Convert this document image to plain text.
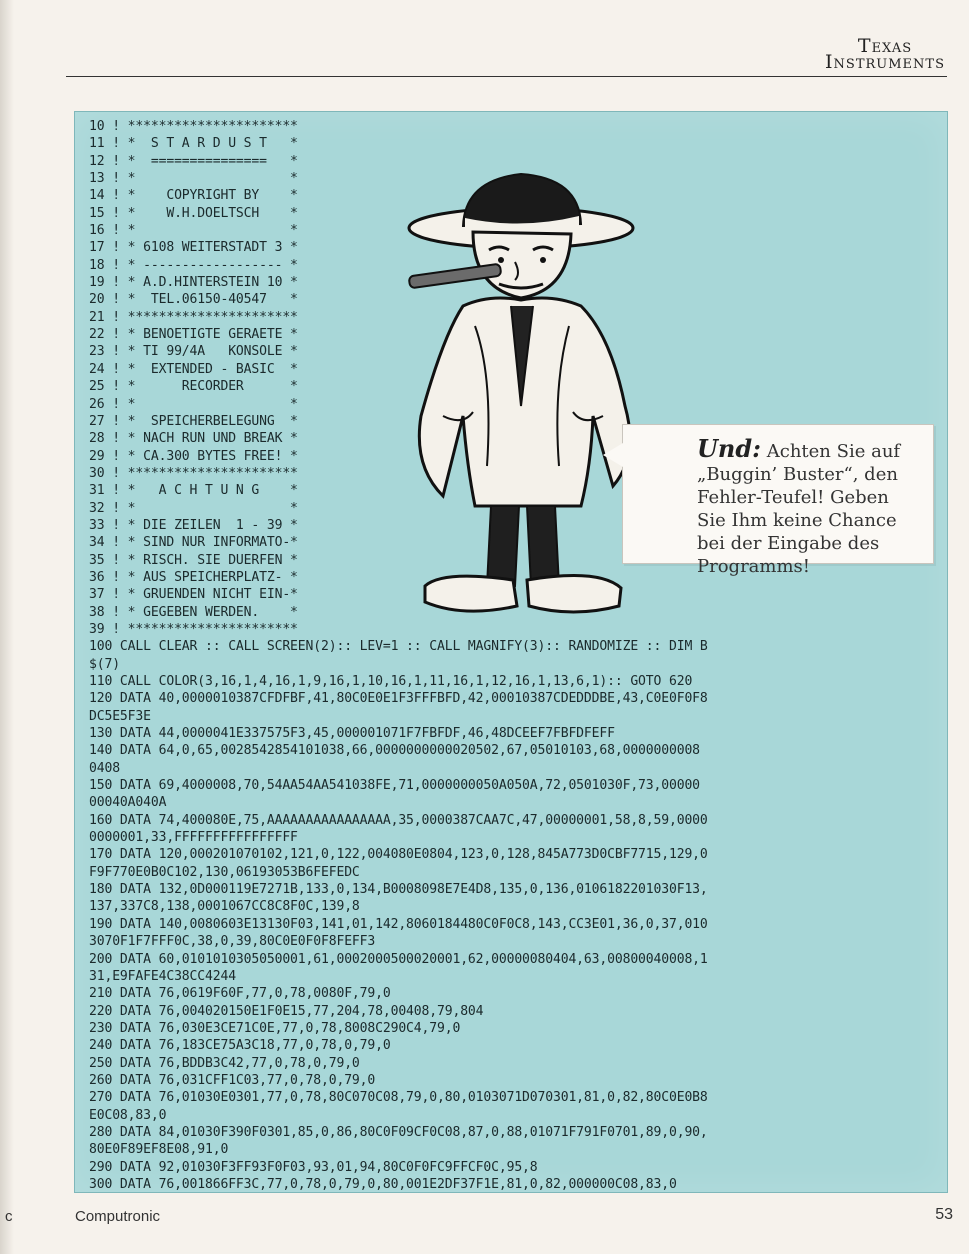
Texas
Instruments
10 ! **********************
11 ! *  S T A R D U S T   *
12 ! *  ===============   *
13 ! *                    *
14 ! *    COPYRIGHT BY    *
15 ! *    W.H.DOELTSCH    *
16 ! *                    *
17 ! * 6108 WEITERSTADT 3 *
18 ! * ------------------ *
19 ! * A.D.HINTERSTEIN 10 *
20 ! *  TEL.06150-40547   *
21 ! **********************
22 ! * BENOETIGTE GERAETE *
23 ! * TI 99/4A   KONSOLE *
24 ! *  EXTENDED - BASIC  *
25 ! *      RECORDER      *
26 ! *                    *
27 ! *  SPEICHERBELEGUNG  *
28 ! * NACH RUN UND BREAK *
29 ! * CA.300 BYTES FREE! *
30 ! **********************
31 ! *   A C H T U N G    *
32 ! *                    *
33 ! * DIE ZEILEN  1 - 39 *
34 ! * SIND NUR INFORMATO-*
35 ! * RISCH. SIE DUERFEN *
36 ! * AUS SPEICHERPLATZ- *
37 ! * GRUENDEN NICHT EIN-*
38 ! * GEGEBEN WERDEN.    *
39 ! **********************
100 CALL CLEAR :: CALL SCREEN(2):: LEV=1 :: CALL MAGNIFY(3):: RANDOMIZE :: DIM B
$(7)
110 CALL COLOR(3,16,1,4,16,1,9,16,1,10,16,1,11,16,1,12,16,1,13,6,1):: GOTO 620
120 DATA 40,0000010387CFDFBF,41,80C0E0E1F3FFFBFD,42,00010387CDEDDDBE,43,C0E0F0F8
DC5E5F3E
130 DATA 44,0000041E337575F3,45,000001071F7FBFDF,46,48DCEEF7FBFDFEFF
140 DATA 64,0,65,0028542854101038,66,0000000000020502,67,05010103,68,0000000008
0408
150 DATA 69,4000008,70,54AA54AA541038FE,71,0000000050A050A,72,0501030F,73,00000
00040A040A
160 DATA 74,400080E,75,AAAAAAAAAAAAAAAA,35,0000387CAA7C,47,00000001,58,8,59,0000
0000001,33,FFFFFFFFFFFFFFFF
170 DATA 120,000201070102,121,0,122,004080E0804,123,0,128,845A773D0CBF7715,129,0
F9F770E0B0C102,130,06193053B6FEFEDC
180 DATA 132,0D000119E7271B,133,0,134,B0008098E7E4D8,135,0,136,0106182201030F13,
137,337C8,138,0001067CC8C8F0C,139,8
190 DATA 140,0080603E13130F03,141,01,142,8060184480C0F0C8,143,CC3E01,36,0,37,010
3070F1F7FFF0C,38,0,39,80C0E0F0F8FEFF3
200 DATA 60,0101010305050001,61,0002000500020001,62,00000080404,63,00800040008,1
31,E9FAFE4C38CC4244
210 DATA 76,0619F60F,77,0,78,0080F,79,0
220 DATA 76,004020150E1F0E15,77,204,78,00408,79,804
230 DATA 76,030E3CE71C0E,77,0,78,8008C290C4,79,0
240 DATA 76,183CE75A3C18,77,0,78,0,79,0
250 DATA 76,BDDB3C42,77,0,78,0,79,0
260 DATA 76,031CFF1C03,77,0,78,0,79,0
270 DATA 76,01030E0301,77,0,78,80C070C08,79,0,80,0103071D070301,81,0,82,80C0E0B8
E0C08,83,0
280 DATA 84,01030F390F0301,85,0,86,80C0F09CF0C08,87,0,88,01071F791F0701,89,0,90,
80E0F89EF8E08,91,0
290 DATA 92,01030F3FF93F0F03,93,01,94,80C0F0FC9FFCF0C,95,8
300 DATA 76,001866FF3C,77,0,78,0,79,0,80,001E2DF37F1E,81,0,82,000000C08,83,0
Und: Achten Sie auf „Buggin’ Buster“, den Fehler-Teufel! Geben Sie Ihm keine Chance bei der Eingabe des Programms!
c	Computronic	53
